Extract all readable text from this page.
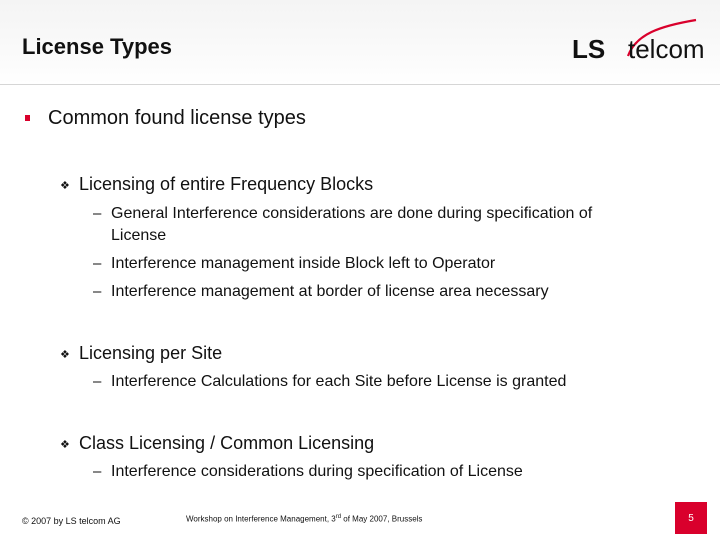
License Types	LS telcom
Common found license types
❖ Licensing of entire Frequency Blocks
– General Interference considerations are done during specification of
License
– Interference management inside Block left to Operator
– Interference management at border of license area necessary
❖ Licensing per Site
– Interference Calculations for each Site before License is granted
❖ Class Licensing / Common Licensing
– Interference considerations during specification of License
© 2007 by LS telcom AG	Workshop on Interference Management, 3rd of May 2007, Brussels	5
